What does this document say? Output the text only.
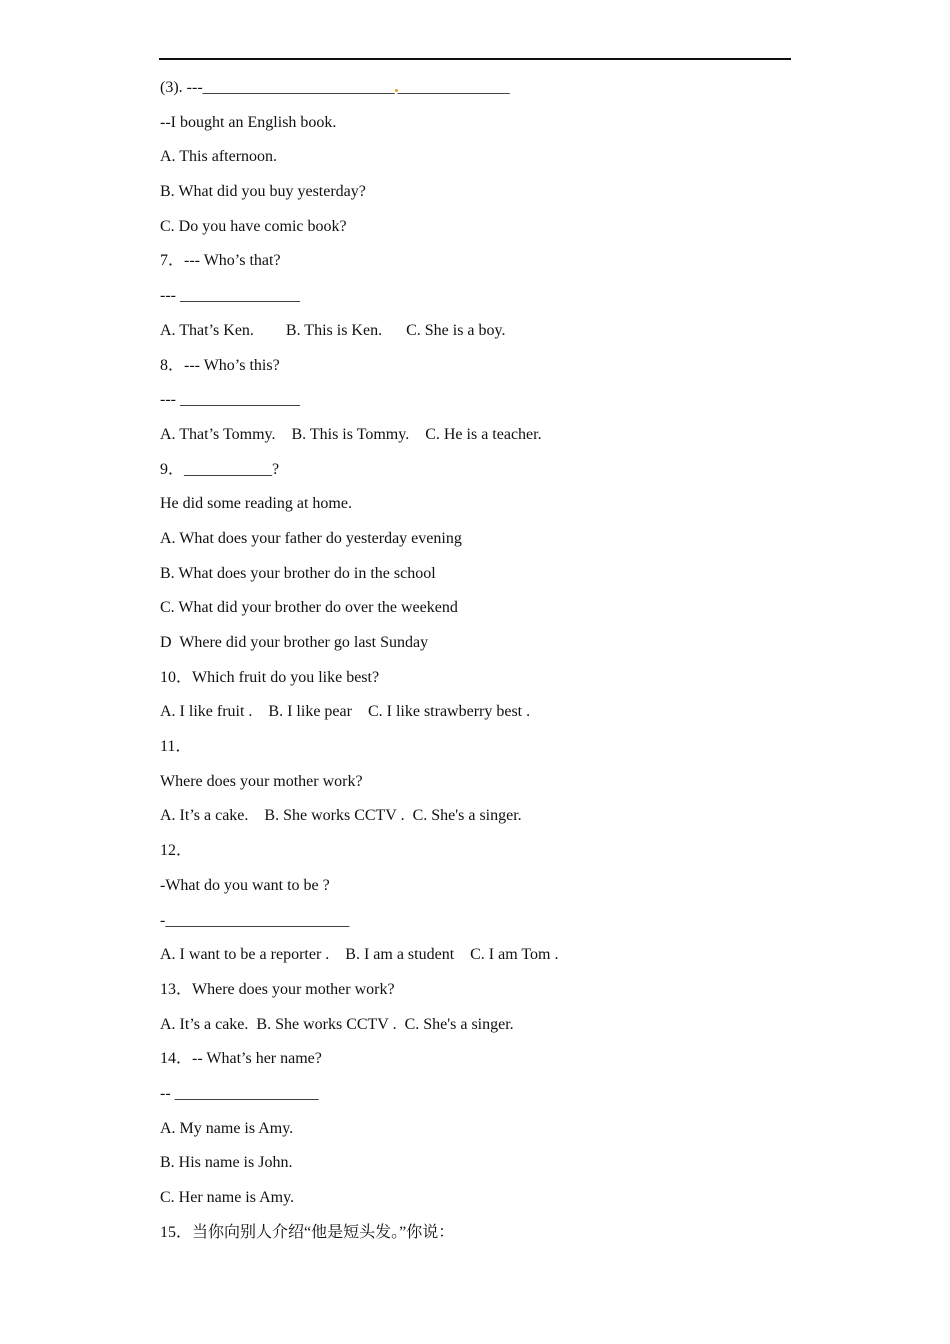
(3). ---________________________ ______________
--I bought an English book.
A. This afternoon.
B. What did you buy yesterday?
C. Do you have comic book?
7．--- Who’s that?
--- _______________
A. That’s Ken.        B. This is Ken.      C. She is a boy.
8．--- Who’s this?
--- _______________
A. That’s Tommy.    B. This is Tommy.    C. He is a teacher.
9．___________?
He did some reading at home.
A. What does your father do yesterday evening
B. What does your brother do in the school
C. What did your brother do over the weekend
D  Where did your brother go last Sunday
10．Which fruit do you like best?
A. I like fruit .    B. I like pear    C. I like strawberry best .
11．
Where does your mother work?
A. It’s a cake.    B. She works CCTV .  C. She's a singer.
12．
-What do you want to be ?
-_______________________
A. I want to be a reporter .    B. I am a student    C. I am Tom .
13．Where does your mother work?
A. It’s a cake.  B. She works CCTV .  C. She's a singer.
14．-- What’s her name?
-- __________________
A. My name is Amy.
B. His name is John.
C. Her name is Amy.
15．当你向别人介绍“他是短头发。”你说：
